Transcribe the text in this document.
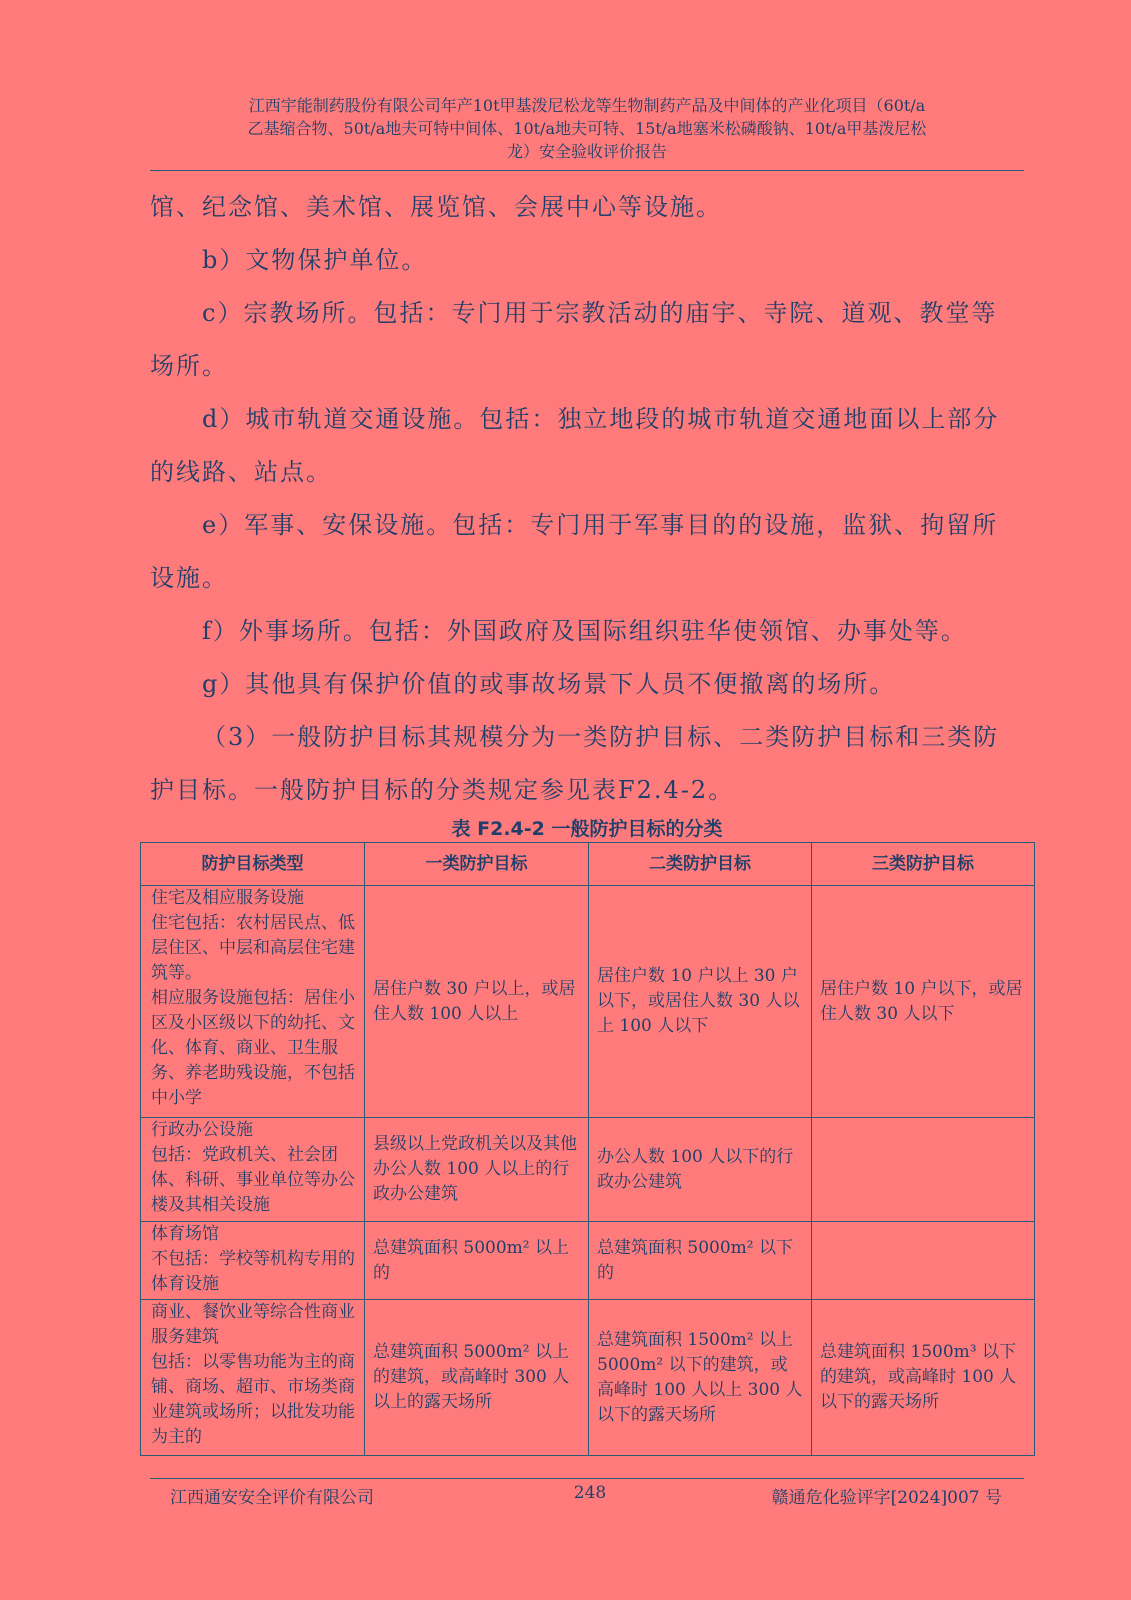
江西宇能制药股份有限公司年产10t甲基泼尼松龙等生物制药产品及中间体的产业化项目（60t/a
乙基缩合物、50t/a地夫可特中间体、10t/a地夫可特、15t/a地塞米松磷酸钠、10t/a甲基泼尼松
龙）安全验收评价报告
馆、纪念馆、美术馆、展览馆、会展中心等设施。
b）文物保护单位。
c）宗教场所。包括：专门用于宗教活动的庙宇、寺院、道观、教堂等
场所。
d）城市轨道交通设施。包括：独立地段的城市轨道交通地面以上部分
的线路、站点。
e）军事、安保设施。包括：专门用于军事目的的设施，监狱、拘留所
设施。
f）外事场所。包括：外国政府及国际组织驻华使领馆、办事处等。
g）其他具有保护价值的或事故场景下人员不便撤离的场所。
（3）一般防护目标其规模分为一类防护目标、二类防护目标和三类防
护目标。一般防护目标的分类规定参见表F2.4-2。
表 F2.4-2 一般防护目标的分类
防护目标类型	一类防护目标	二类防护目标	三类防护目标
住宅及相应服务设施
住宅包括：农村居民点、低层住区、中层和高层住宅建筑等。
相应服务设施包括：居住小区及小区级以下的幼托、文化、体育、商业、卫生服务、养老助残设施，不包括中小学	居住户数 30 户以上，或居住人数 100 人以上	居住户数 10 户以上 30 户以下，或居住人数 30 人以上 100 人以下	居住户数 10 户以下，或居住人数 30 人以下
行政办公设施
包括：党政机关、社会团体、科研、事业单位等办公楼及其相关设施	县级以上党政机关以及其他办公人数 100 人以上的行政办公建筑	办公人数 100 人以下的行政办公建筑	
体育场馆
不包括：学校等机构专用的体育设施	总建筑面积 5000m² 以上的	总建筑面积 5000m² 以下的	
商业、餐饮业等综合性商业服务建筑
包括：以零售功能为主的商铺、商场、超市、市场类商业建筑或场所；以批发功能为主的	总建筑面积 5000m² 以上的建筑，或高峰时 300 人以上的露天场所	总建筑面积 1500m² 以上 5000m² 以下的建筑，或高峰时 100 人以上 300 人以下的露天场所	总建筑面积 1500m³ 以下的建筑，或高峰时 100 人以下的露天场所
江西通安安全评价有限公司	248	赣通危化验评字[2024]007 号
